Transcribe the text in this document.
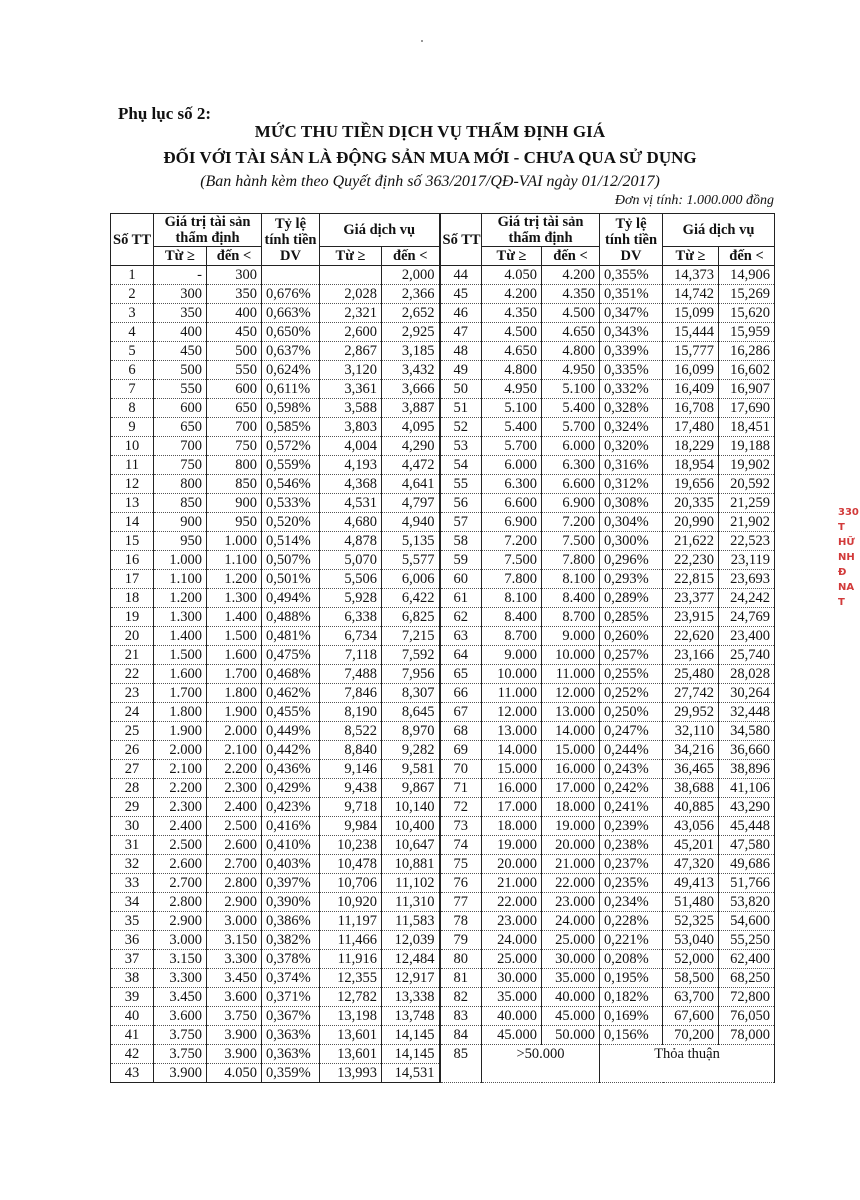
Phụ lục số 2:
MỨC THU TIỀN DỊCH VỤ THẨM ĐỊNH GIÁ
ĐỐI VỚI TÀI SẢN LÀ ĐỘNG SẢN MUA MỚI - CHƯA QUA SỬ DỤNG
(Ban hành kèm theo Quyết định số 363/2017/QĐ-VAI ngày 01/12/2017)
Đơn vị tính: 1.000.000 đồng
Số TT	Giá trị tài sản thẩm định		Tỷ lệ tính tiền DV	Giá dịch vụ		Số TT	Giá trị tài sản thẩm định		Tỷ lệ tính tiền DV	Giá dịch vụ	
	Từ ≥	đến <		Từ ≥	đến <		Từ ≥	đến <		Từ ≥	đến <
1	-	300			2,000	44	4.050	4.200	0,355%	14,373	14,906
2	300	350	0,676%	2,028	2,366	45	4.200	4.350	0,351%	14,742	15,269
3	350	400	0,663%	2,321	2,652	46	4.350	4.500	0,347%	15,099	15,620
4	400	450	0,650%	2,600	2,925	47	4.500	4.650	0,343%	15,444	15,959
5	450	500	0,637%	2,867	3,185	48	4.650	4.800	0,339%	15,777	16,286
6	500	550	0,624%	3,120	3,432	49	4.800	4.950	0,335%	16,099	16,602
7	550	600	0,611%	3,361	3,666	50	4.950	5.100	0,332%	16,409	16,907
8	600	650	0,598%	3,588	3,887	51	5.100	5.400	0,328%	16,708	17,690
9	650	700	0,585%	3,803	4,095	52	5.400	5.700	0,324%	17,480	18,451
10	700	750	0,572%	4,004	4,290	53	5.700	6.000	0,320%	18,229	19,188
11	750	800	0,559%	4,193	4,472	54	6.000	6.300	0,316%	18,954	19,902
12	800	850	0,546%	4,368	4,641	55	6.300	6.600	0,312%	19,656	20,592
13	850	900	0,533%	4,531	4,797	56	6.600	6.900	0,308%	20,335	21,259
14	900	950	0,520%	4,680	4,940	57	6.900	7.200	0,304%	20,990	21,902
15	950	1.000	0,514%	4,878	5,135	58	7.200	7.500	0,300%	21,622	22,523
16	1.000	1.100	0,507%	5,070	5,577	59	7.500	7.800	0,296%	22,230	23,119
17	1.100	1.200	0,501%	5,506	6,006	60	7.800	8.100	0,293%	22,815	23,693
18	1.200	1.300	0,494%	5,928	6,422	61	8.100	8.400	0,289%	23,377	24,242
19	1.300	1.400	0,488%	6,338	6,825	62	8.400	8.700	0,285%	23,915	24,769
20	1.400	1.500	0,481%	6,734	7,215	63	8.700	9.000	0,260%	22,620	23,400
21	1.500	1.600	0,475%	7,118	7,592	64	9.000	10.000	0,257%	23,166	25,740
22	1.600	1.700	0,468%	7,488	7,956	65	10.000	11.000	0,255%	25,480	28,028
23	1.700	1.800	0,462%	7,846	8,307	66	11.000	12.000	0,252%	27,742	30,264
24	1.800	1.900	0,455%	8,190	8,645	67	12.000	13.000	0,250%	29,952	32,448
25	1.900	2.000	0,449%	8,522	8,970	68	13.000	14.000	0,247%	32,110	34,580
26	2.000	2.100	0,442%	8,840	9,282	69	14.000	15.000	0,244%	34,216	36,660
27	2.100	2.200	0,436%	9,146	9,581	70	15.000	16.000	0,243%	36,465	38,896
28	2.200	2.300	0,429%	9,438	9,867	71	16.000	17.000	0,242%	38,688	41,106
29	2.300	2.400	0,423%	9,718	10,140	72	17.000	18.000	0,241%	40,885	43,290
30	2.400	2.500	0,416%	9,984	10,400	73	18.000	19.000	0,239%	43,056	45,448
31	2.500	2.600	0,410%	10,238	10,647	74	19.000	20.000	0,238%	45,201	47,580
32	2.600	2.700	0,403%	10,478	10,881	75	20.000	21.000	0,237%	47,320	49,686
33	2.700	2.800	0,397%	10,706	11,102	76	21.000	22.000	0,235%	49,413	51,766
34	2.800	2.900	0,390%	10,920	11,310	77	22.000	23.000	0,234%	51,480	53,820
35	2.900	3.000	0,386%	11,197	11,583	78	23.000	24.000	0,228%	52,325	54,600
36	3.000	3.150	0,382%	11,466	12,039	79	24.000	25.000	0,221%	53,040	55,250
37	3.150	3.300	0,378%	11,916	12,484	80	25.000	30.000	0,208%	52,000	62,400
38	3.300	3.450	0,374%	12,355	12,917	81	30.000	35.000	0,195%	58,500	68,250
39	3.450	3.600	0,371%	12,782	13,338	82	35.000	40.000	0,182%	63,700	72,800
40	3.600	3.750	0,367%	13,198	13,748	83	40.000	45.000	0,169%	67,600	76,050
41	3.750	3.900	0,363%	13,601	14,145	84	45.000	50.000	0,156%	70,200	78,000
42	3.750	3.900	0,363%	13,601	14,145	85	>50.000		Thỏa thuận		
43	3.900	4.050	0,359%	13,993	14,531						
330
T
HỮ
NH
Đ
NA
T
